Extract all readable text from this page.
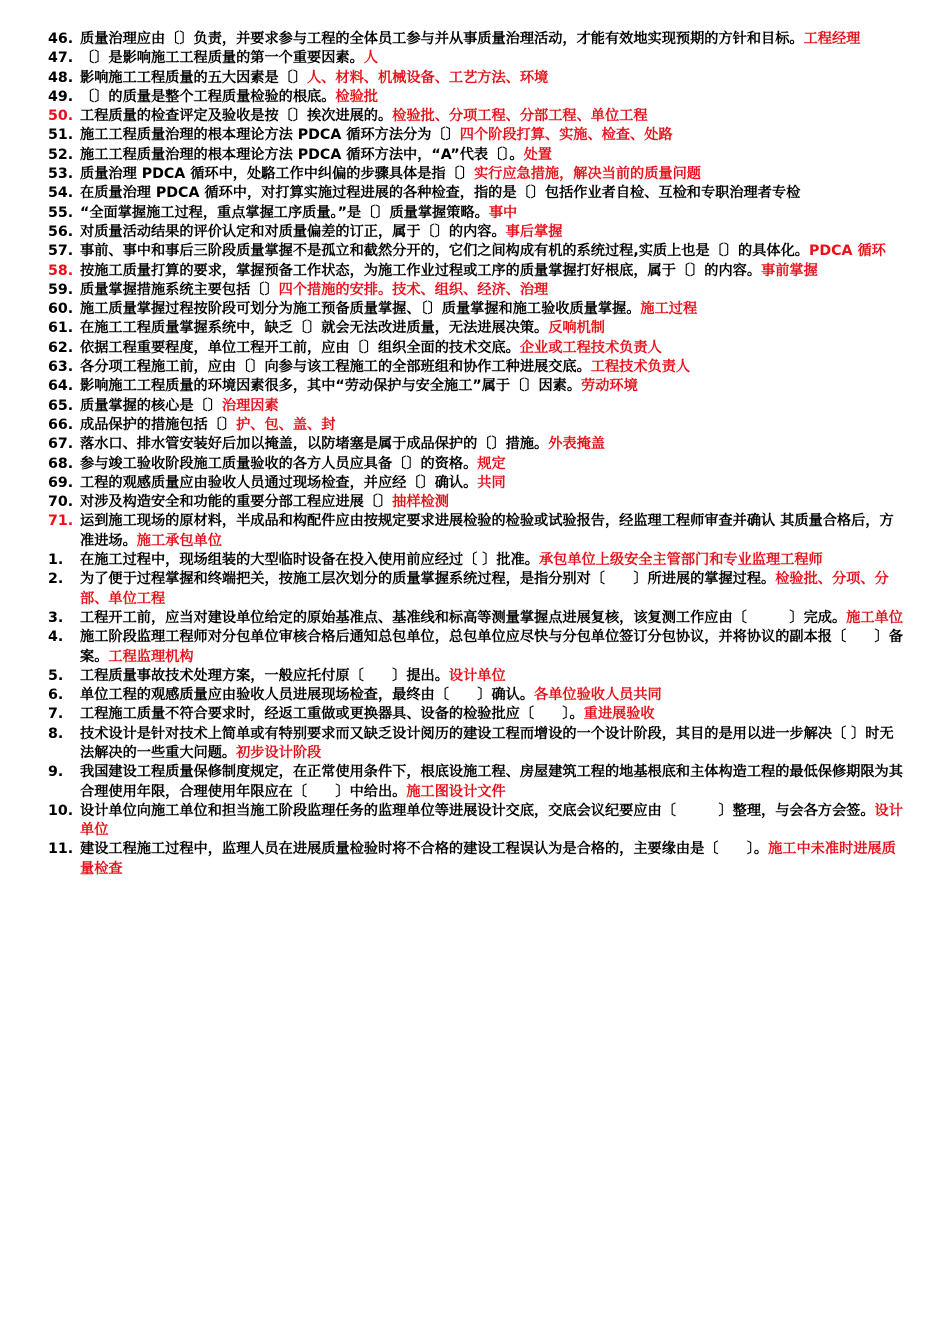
46. 质量治理应由〔〕负责，并要求参与工程的全体员工参与并从事质量治理活动，才能有效地实现预期的方针和目标。工程经理
47. 〔〕是影响施工工程质量的第一个重要因素。人
48. 影响施工工程质量的五大因素是〔〕人、材料、机械设备、工艺方法、环境
49. 〔〕的质量是整个工程质量检验的根底。检验批
50. 工程质量的检查评定及验收是按〔〕挨次进展的。检验批、分项工程、分部工程、单位工程
51. 施工工程质量治理的根本理论方法 PDCA 循环方法分为〔〕四个阶段打算、实施、检查、处路
52. 施工工程质量治理的根本理论方法 PDCA 循环方法中，“A”代表〔〕。处置
53. 质量治理 PDCA 循环中，处駱工作中纠偏的步骤具体是指〔〕实行应急措施，解决当前的质量问题
54. 在质量治理 PDCA 循环中，对打算实施过程进展的各种检查，指的是〔〕包括作业者自检、互检和专职治理者专检
55. “全面掌握施工过程，重点掌握工序质量。”是〔〕质量掌握策略。事中
56. 对质量活动结果的评价认定和对质量偏差的订正，属于〔〕的内容。事后掌握
57. 事前、事中和事后三阶段质量掌握不是孤立和截然分开的，它们之间构成有机的系统过程,实质上也是〔〕的具体化。PDCA 循环
58. 按施工质量打算的要求，掌握预备工作状态，为施工作业过程或工序的质量掌握打好根底，属于〔〕的内容。事前掌握
59. 质量掌握措施系统主要包括〔〕四个措施的安排。技术、组织、经济、治理
60. 施工质量掌握过程按阶段可划分为施工预备质量掌握、〔〕质量掌握和施工验收质量掌握。施工过程
61. 在施工工程质量掌握系统中，缺乏〔〕就会无法改进质量，无法进展决策。反响机制
62. 依据工程重要程度，单位工程开工前，应由〔〕组织全面的技术交底。企业或工程技术负责人
63. 各分项工程施工前，应由〔〕向参与该工程施工的全部班组和协作工种进展交底。工程技术负责人
64. 影响施工工程质量的环境因素很多，其中“劳动保护与安全施工”属于〔〕因素。劳动环境
65. 质量掌握的核心是〔〕治理因素
66. 成品保护的措施包括〔〕护、包、盖、封
67. 落水口、排水管安装好后加以掩盖，以防堵塞是属于成品保护的〔〕措施。外表掩盖
68. 参与竣工验收阶段施工质量验收的各方人员应具备〔〕的资格。规定
69. 工程的观感质量应由验收人员通过现场检查，并应经〔〕确认。共同
70. 对涉及构造安全和功能的重要分部工程应进展〔〕抽样检测
71. 运到施工现场的原材料，半成品和构配件应由按规定要求进展检验的检验或试验报告，经监理工程师审查并确认 其质量合格后，方准进场。施工承包单位
1.	在施工过程中，现场组装的大型临时设备在投入使用前应经过〔 〕批准。承包单位上级安全主管部门和专业监理工程师
2.	为了便于过程掌握和终端把关，按施工层次划分的质量掌握系统过程，是指分别对〔　　〕所进展的掌握过程。检验批、分项、分部、单位工程
3.	工程开工前，应当对建设单位给定的原始基准点、基准线和标高等测量掌握点进展复核，该复测工作应由〔　　　〕完成。施工单位
4.	施工阶段监理工程师对分包单位审核合格后通知总包单位，总包单位应尽快与分包单位签订分包协议，并将协议的副本报〔　　〕备案。工程监理机构
5.	工程质量事故技术处理方案，一般应托付原〔　　〕提出。设计单位
6.	单位工程的观感质量应由验收人员进展现场检查，最终由〔　　〕确认。各单位验收人员共同
7.	工程施工质量不符合要求时，经返工重做或更换器具、设备的检验批应〔　　〕。重进展验收
8.	技术设计是针对技术上简单或有特别要求而又缺乏设计阅历的建设工程而增设的一个设计阶段，其目的是用以进一步解决〔 〕时无法解决的一些重大问题。初步设计阶段
9.	我国建设工程质量保修制度规定，在正常使用条件下，根底设施工程、房屋建筑工程的地基根底和主体构造工程的最低保修期限为其合理使用年限，合理使用年限应在〔　　〕中给出。施工图设计文件
10. 设计单位向施工单位和担当施工阶段监理任务的监理单位等进展设计交底，交底会议纪要应由〔　　　〕整理，与会各方会签。设计单位
11. 建设工程施工过程中，监理人员在进展质量检验时将不合格的建设工程误认为是合格的，主要缘由是〔　　〕。施工中未准时进展质量检查
